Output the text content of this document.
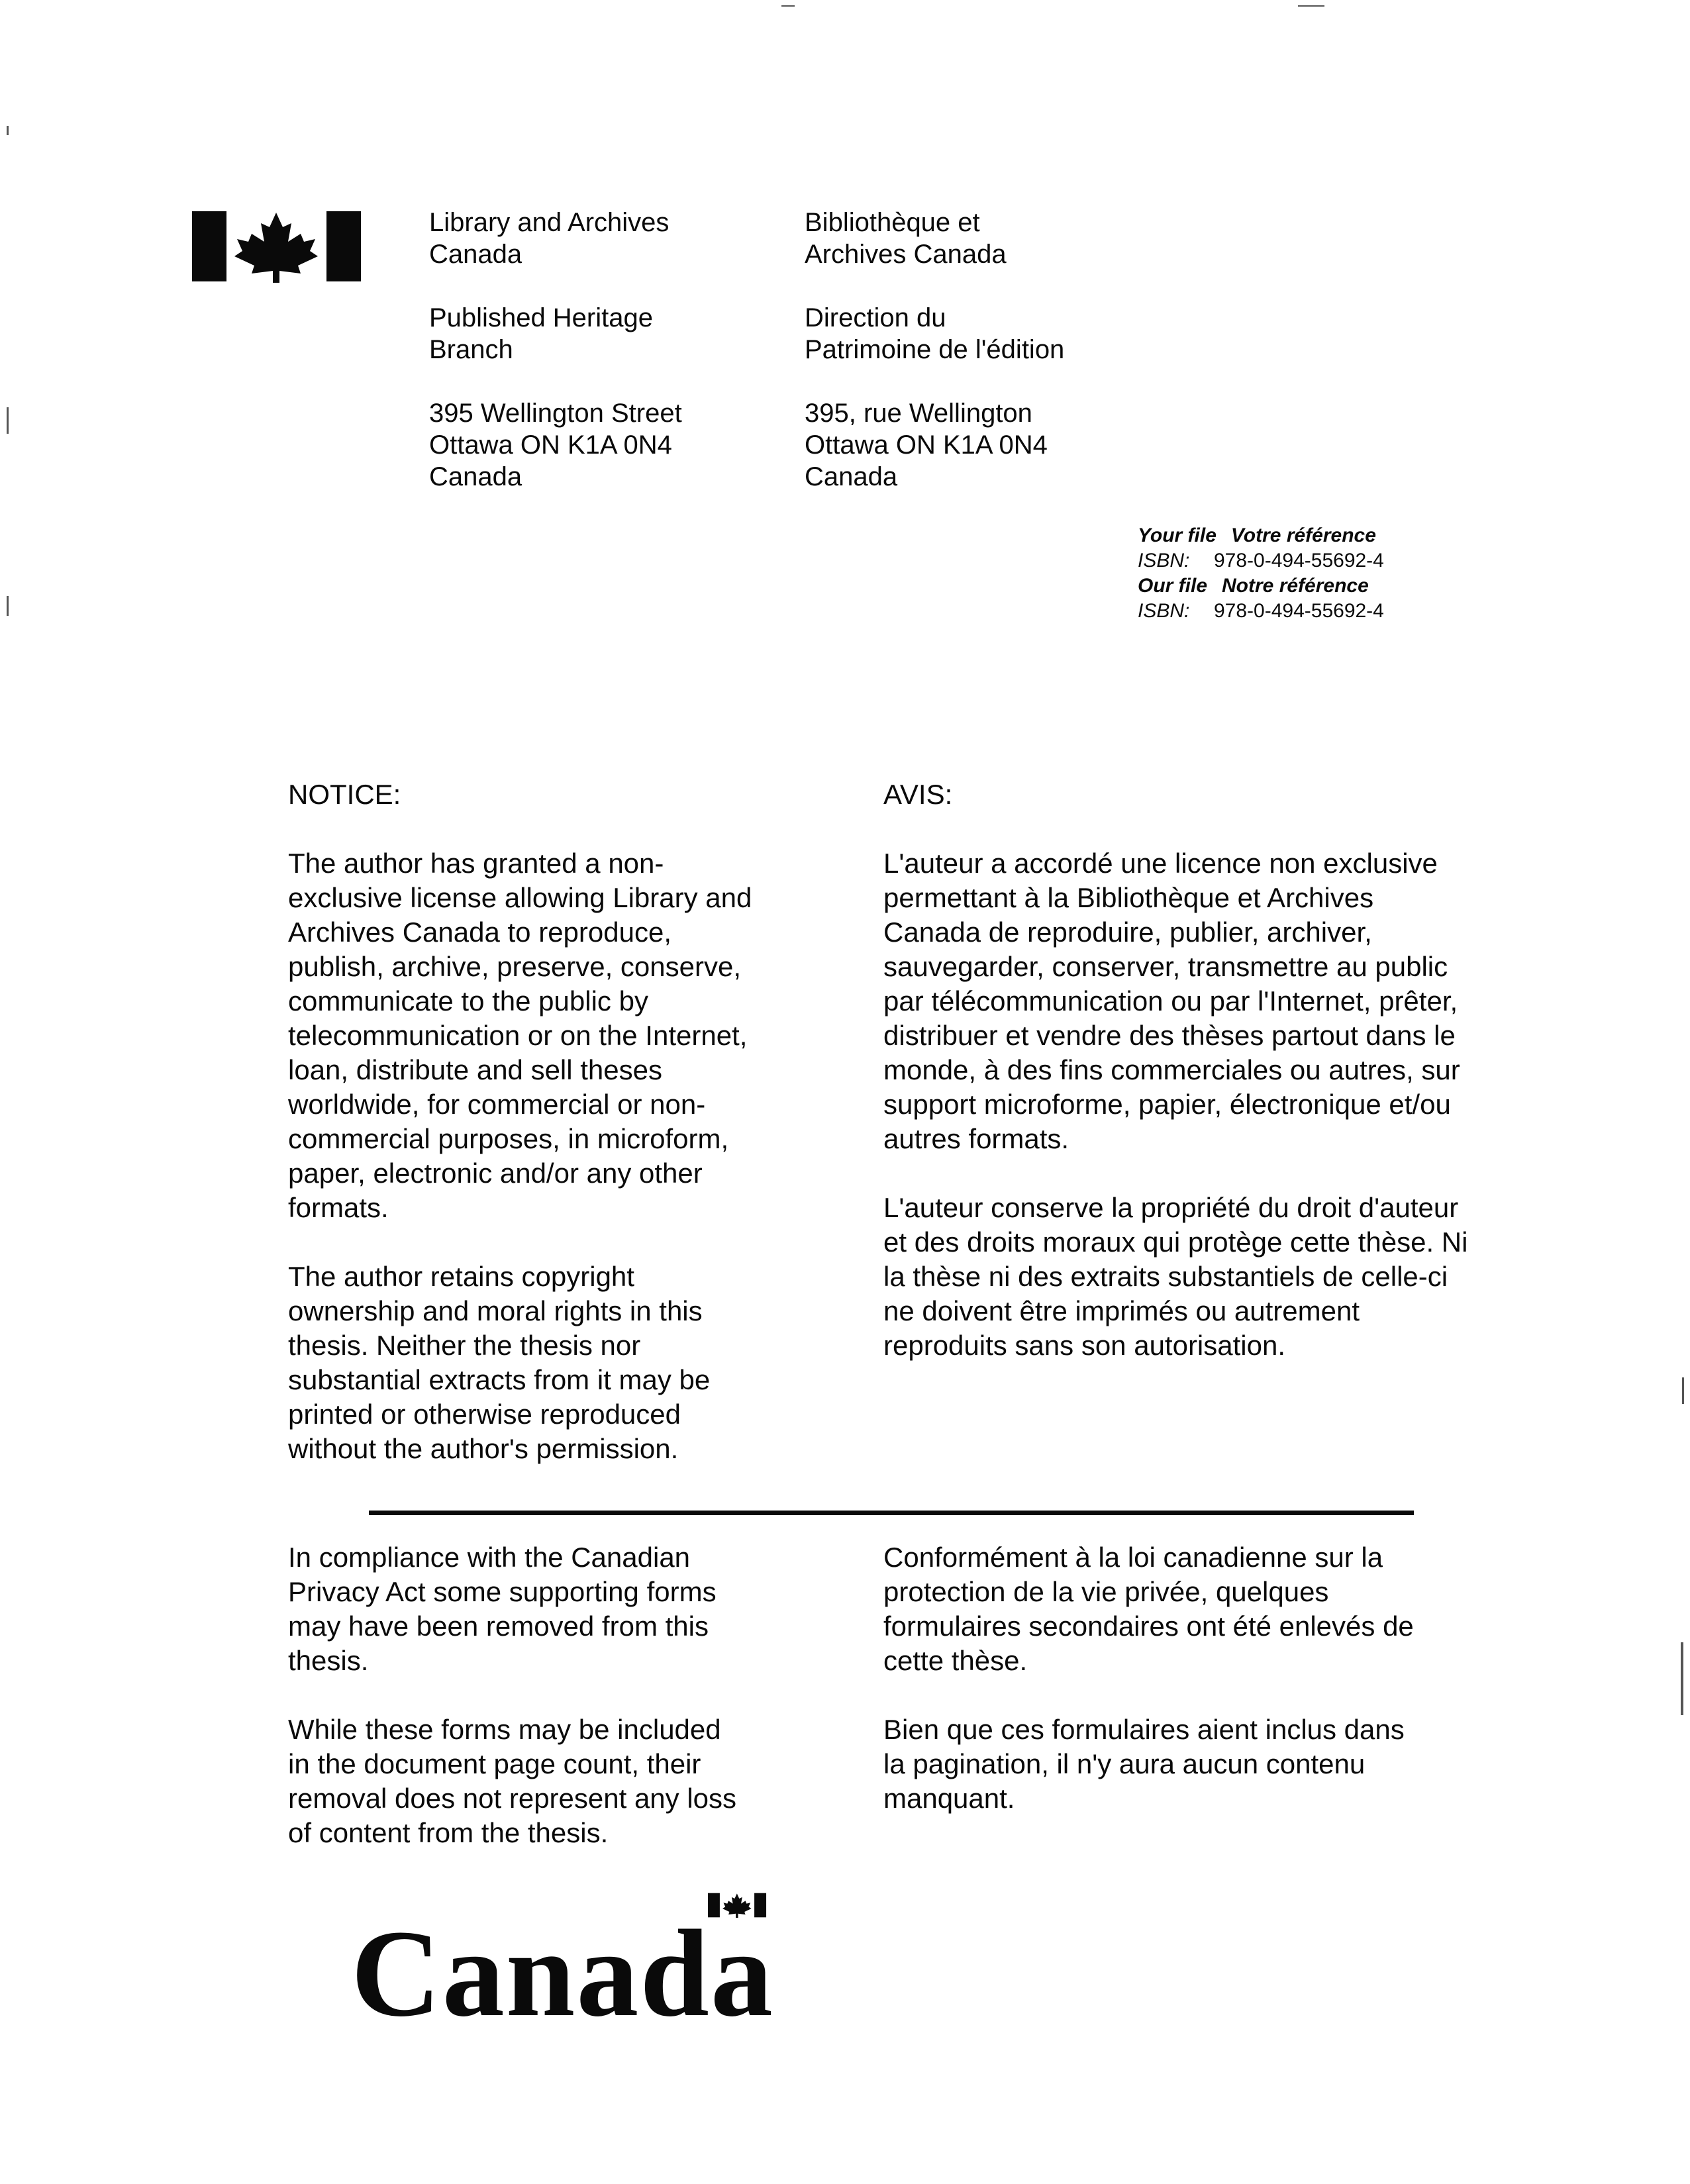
Library and Archives
Canada
Published Heritage
Branch
395 Wellington Street
Ottawa ON K1A 0N4
Canada
Bibliothèque et
Archives Canada
Direction du
Patrimoine de l'édition
395, rue Wellington
Ottawa ON K1A 0N4
Canada
Your file Votre référence
ISBN: 978-0-494-55692-4
Our file Notre référence
ISBN: 978-0-494-55692-4
NOTICE:	AVIS:
The author has granted a non-
exclusive license allowing Library and
Archives Canada to reproduce,
publish, archive, preserve, conserve,
communicate to the public by
telecommunication or on the Internet,
loan, distribute and sell theses
worldwide, for commercial or non-
commercial purposes, in microform,
paper, electronic and/or any other
formats.
The author retains copyright
ownership and moral rights in this
thesis. Neither the thesis nor
substantial extracts from it may be
printed or otherwise reproduced
without the author's permission.
L'auteur a accordé une licence non exclusive
permettant à la Bibliothèque et Archives
Canada de reproduire, publier, archiver,
sauvegarder, conserver, transmettre au public
par télécommunication ou par l'Internet, prêter,
distribuer et vendre des thèses partout dans le
monde, à des fins commerciales ou autres, sur
support microforme, papier, électronique et/ou
autres formats.
L'auteur conserve la propriété du droit d'auteur
et des droits moraux qui protège cette thèse. Ni
la thèse ni des extraits substantiels de celle-ci
ne doivent être imprimés ou autrement
reproduits sans son autorisation.
In compliance with the Canadian
Privacy Act some supporting forms
may have been removed from this
thesis.
While these forms may be included
in the document page count, their
removal does not represent any loss
of content from the thesis.
Conformément à la loi canadienne sur la
protection de la vie privée, quelques
formulaires secondaires ont été enlevés de
cette thèse.
Bien que ces formulaires aient inclus dans
la pagination, il n'y aura aucun contenu
manquant.
Canada
